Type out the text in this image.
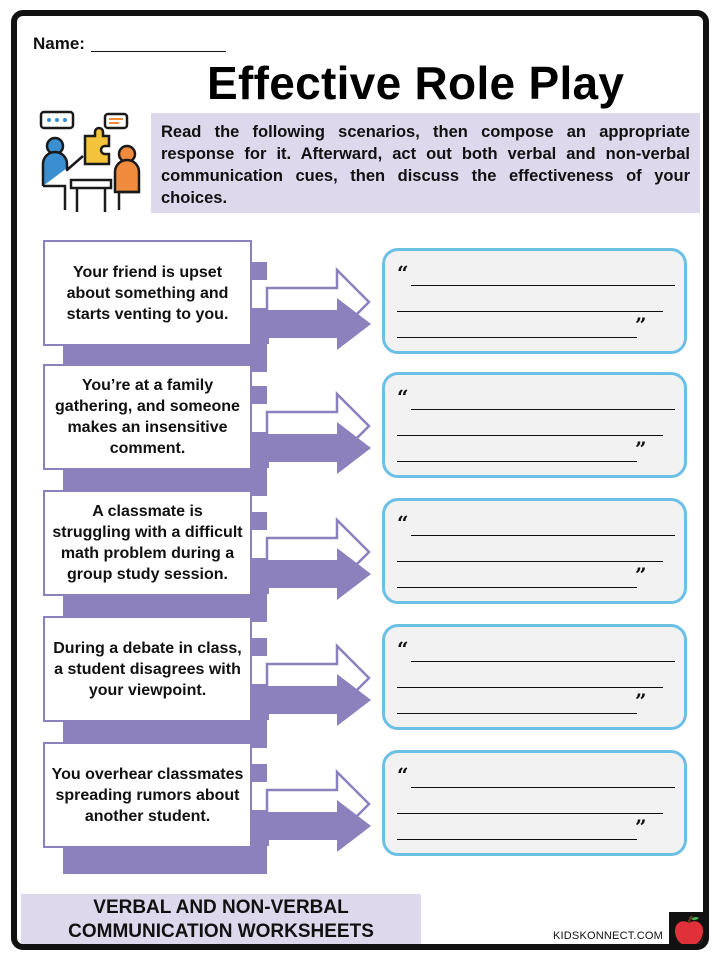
Name:
Effective Role Play
Read the following scenarios, then compose an appropriate response for it. Afterward, act out both verbal and non-verbal communication cues, then discuss the effectiveness of your choices.
Your friend is upset about something and starts venting to you.
“
”
You’re at a family gathering, and someone makes an insensitive comment.
“
”
A classmate is struggling with a difficult math problem during a group study session.
“
”
During a debate in class, a student disagrees with your viewpoint.
“
”
You overhear classmates spreading rumors about another student.
“
”
VERBAL AND NON-VERBAL
COMMUNICATION WORKSHEETS	KIDSKONNECT.COM
